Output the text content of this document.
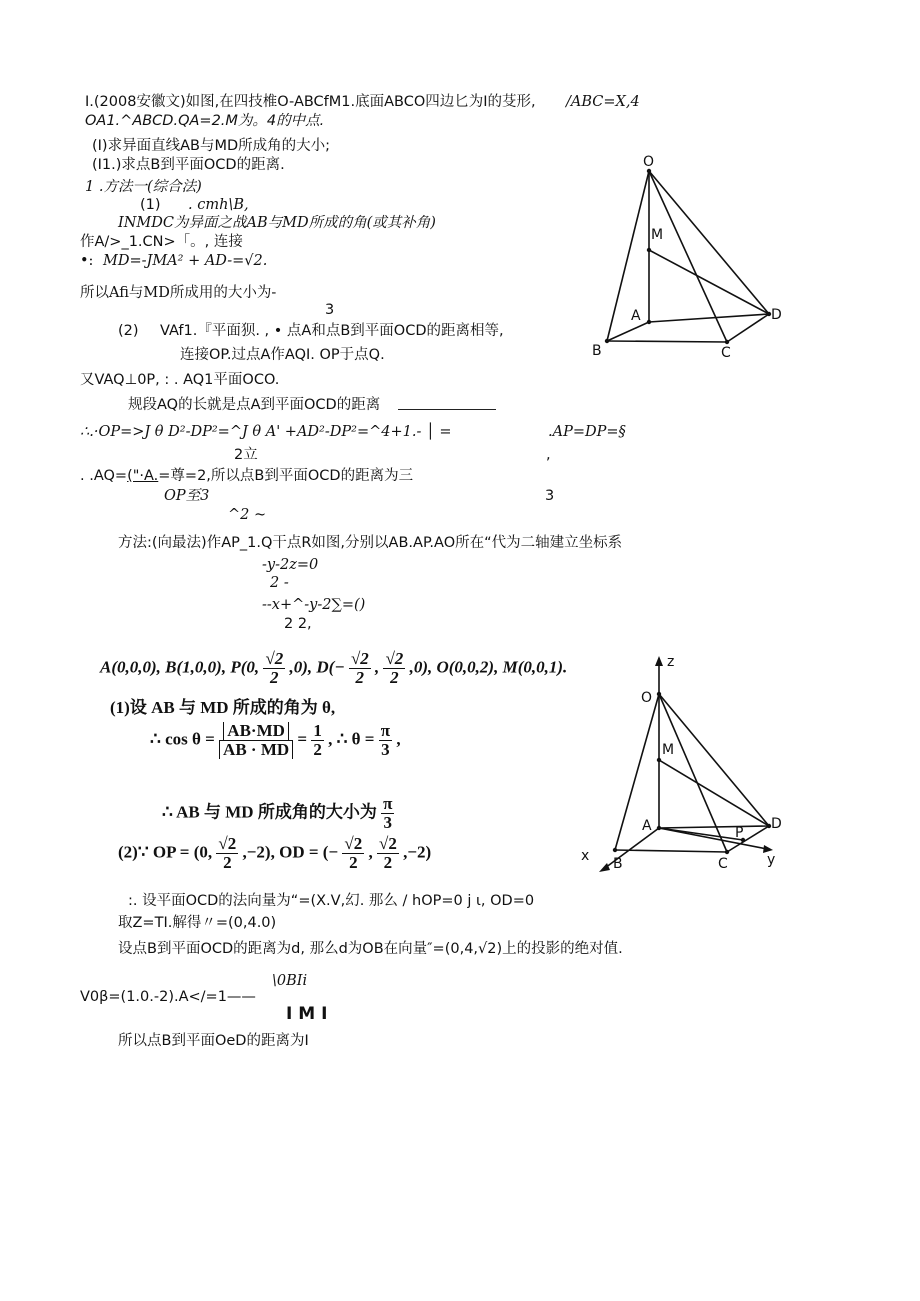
I.(2008安徽文)如图,在四技椎O-ABCfM1.底面ABCO四边匕为I的芟形, /ABC=X,4
OA1.^ABCD.QA=2.M为。4的中点.
(I)求异面直线AB与MD所成角的大小;
(I1.)求点B到平面OCD的距离.
1 .方法一(综合法)
(1) . cmh\B,
INMDC为异面之战AB与MD所成的角(或其补角)
作A/>_1.CN>「。, 连接
•: MD=-JMA² + AD-=√2.
所以Afi与MD所成用的大小为-
3
(2) VAf1.『平面狈. , • 点A和点B到平面OCD的距离相等,
连接OP.过点A作AQI. OP于点Q.
又VAQ⊥0P, : . AQ1平面OCO.
规段AQ的长就是点A到平面OCD的距离
∴.·OP=>J θ D²-DP²=^J θ A' +AD²-DP²=^4+1.- │ =	.AP=DP=§
2立	,
. .AQ=("·A.=尊=2,所以点B到平面OCD的距离为三
OP至3	3
^2 ~
方法:(向最法)作AP_1.Q干点R如图,分别以AB.AP.AO所在“代为二轴建立坐标系
-y-2z=0
2 -
--x+^-y-2∑=()
2 2,
A(0,0,0), B(1,0,0), P(0, $\frac{√2}{2} ,0$), $D(- \frac{√2}{2}$ , $\frac{√2}{2} ,0$), O(0,0,2), M(0,0,1).
(1)设 AB 与 MD 所成的角为 θ,
∴ $\cos \theta = \frac{AB\cdot MD}{AB \cdot MD} = \frac{1}{2}$ , ∴ $\theta = \frac{\pi}{3}$ ,
∴ AB 与 MD 所成角的大小为 $\frac{\pi}{3}$
(2)∵ OP = (0, $\frac{√2}{2} ,-2$), OD = (− $\frac{√2}{2}$ , $\frac{√2}{2} ,-2$)
:. 设平面OCD的法向量为“=(X.V,幻. 那么 / hOP=0 j ι, OD=0
取Z=TI.解得〃=(0,4.0)
设点B到平面OCD的距离为d, 那么d为OB在向量″=(0,4,√2)上的投影的绝对值.
\0BIi
V0β=(1.0.-2).A</=1——
I M I
所以点B到平面OeD的距离为I
O
M
A	D
B	C
z
O
M
A	P
D
x B	C	y
